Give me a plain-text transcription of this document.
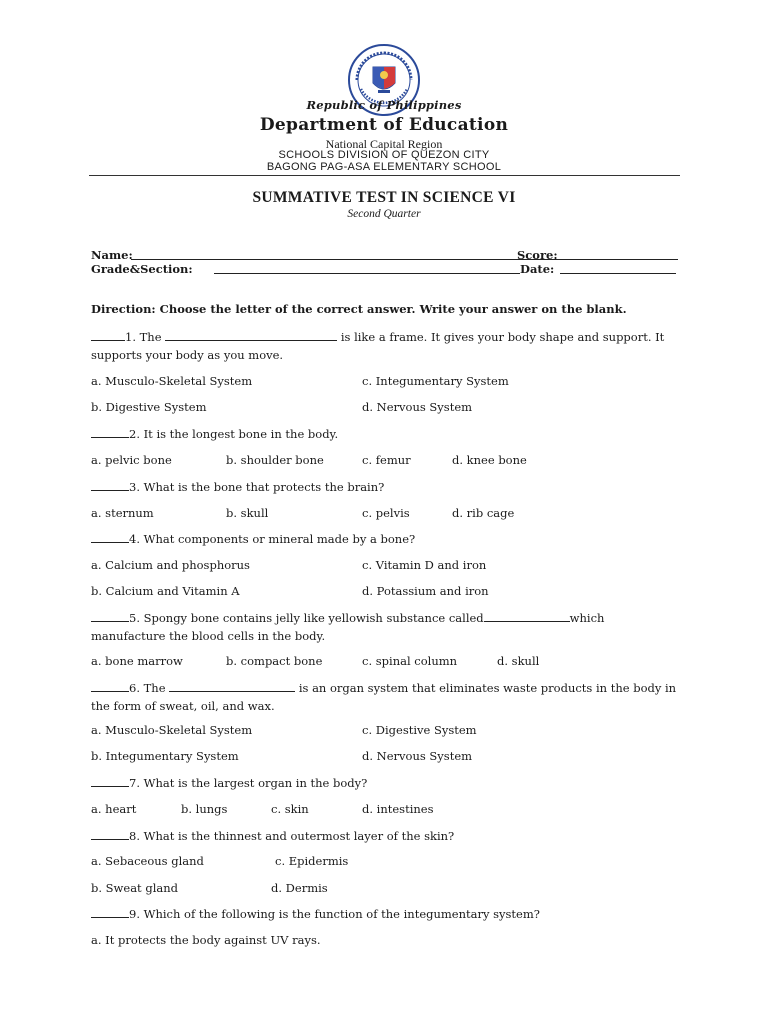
Republic of Philippines
Department of Education
National Capital Region
SCHOOLS DIVISION OF QUEZON CITY
BAGONG PAG-ASA ELEMENTARY SCHOOL
SUMMATIVE TEST IN SCIENCE VI
Second Quarter
Name:	Score:
Grade&Section:	Date:
Direction: Choose the letter of the correct answer. Write your answer on the blank.
1. The	is like a frame. It gives your body shape and support. It supports your body as you move.
a. Musculo-Skeletal System	c. Integumentary System
b. Digestive System	d. Nervous System
2. It is the longest bone in the body.
a. pelvic bone	b. shoulder bone	c. femur	d. knee bone
3. What is the bone that protects the brain?
a. sternum	b. skull	c. pelvis	d. rib cage
4. What components or mineral made by a bone?
a. Calcium and phosphorus	c. Vitamin D and iron
b. Calcium and Vitamin A	d. Potassium and iron
5. Spongy bone contains jelly like yellowish substance called	which manufacture the blood cells in the body.
a. bone marrow	b. compact bone	c. spinal column	d. skull
6. The	is an organ system that eliminates waste products in the body in the form of sweat, oil, and wax.
a. Musculo-Skeletal System	c. Digestive System
b. Integumentary System	d. Nervous System
7. What is the largest organ in the body?
a. heart	b. lungs	c. skin	d. intestines
8. What is the thinnest and outermost layer of the skin?
a. Sebaceous gland	c. Epidermis
b. Sweat gland	d. Dermis
9. Which of the following is the function of the integumentary system?
a. It protects the body against UV rays.
